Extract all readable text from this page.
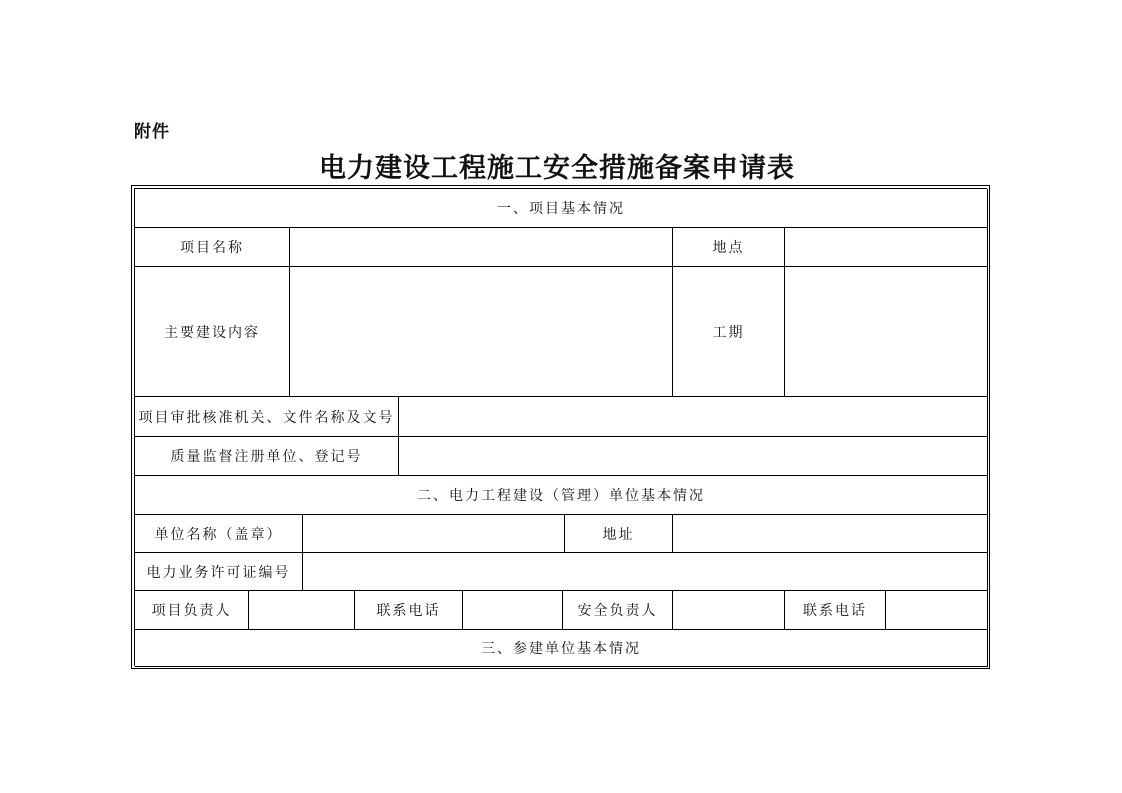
附件
电力建设工程施工安全措施备案申请表
一、项目基本情况
项目名称	地点
主要建设内容	工期
项目审批核准机关、文件名称及文号
质量监督注册单位、登记号
二、电力工程建设（管理）单位基本情况
单位名称（盖章）	地址
电力业务许可证编号
项目负责人	联系电话	安全负责人	联系电话
三、参建单位基本情况
